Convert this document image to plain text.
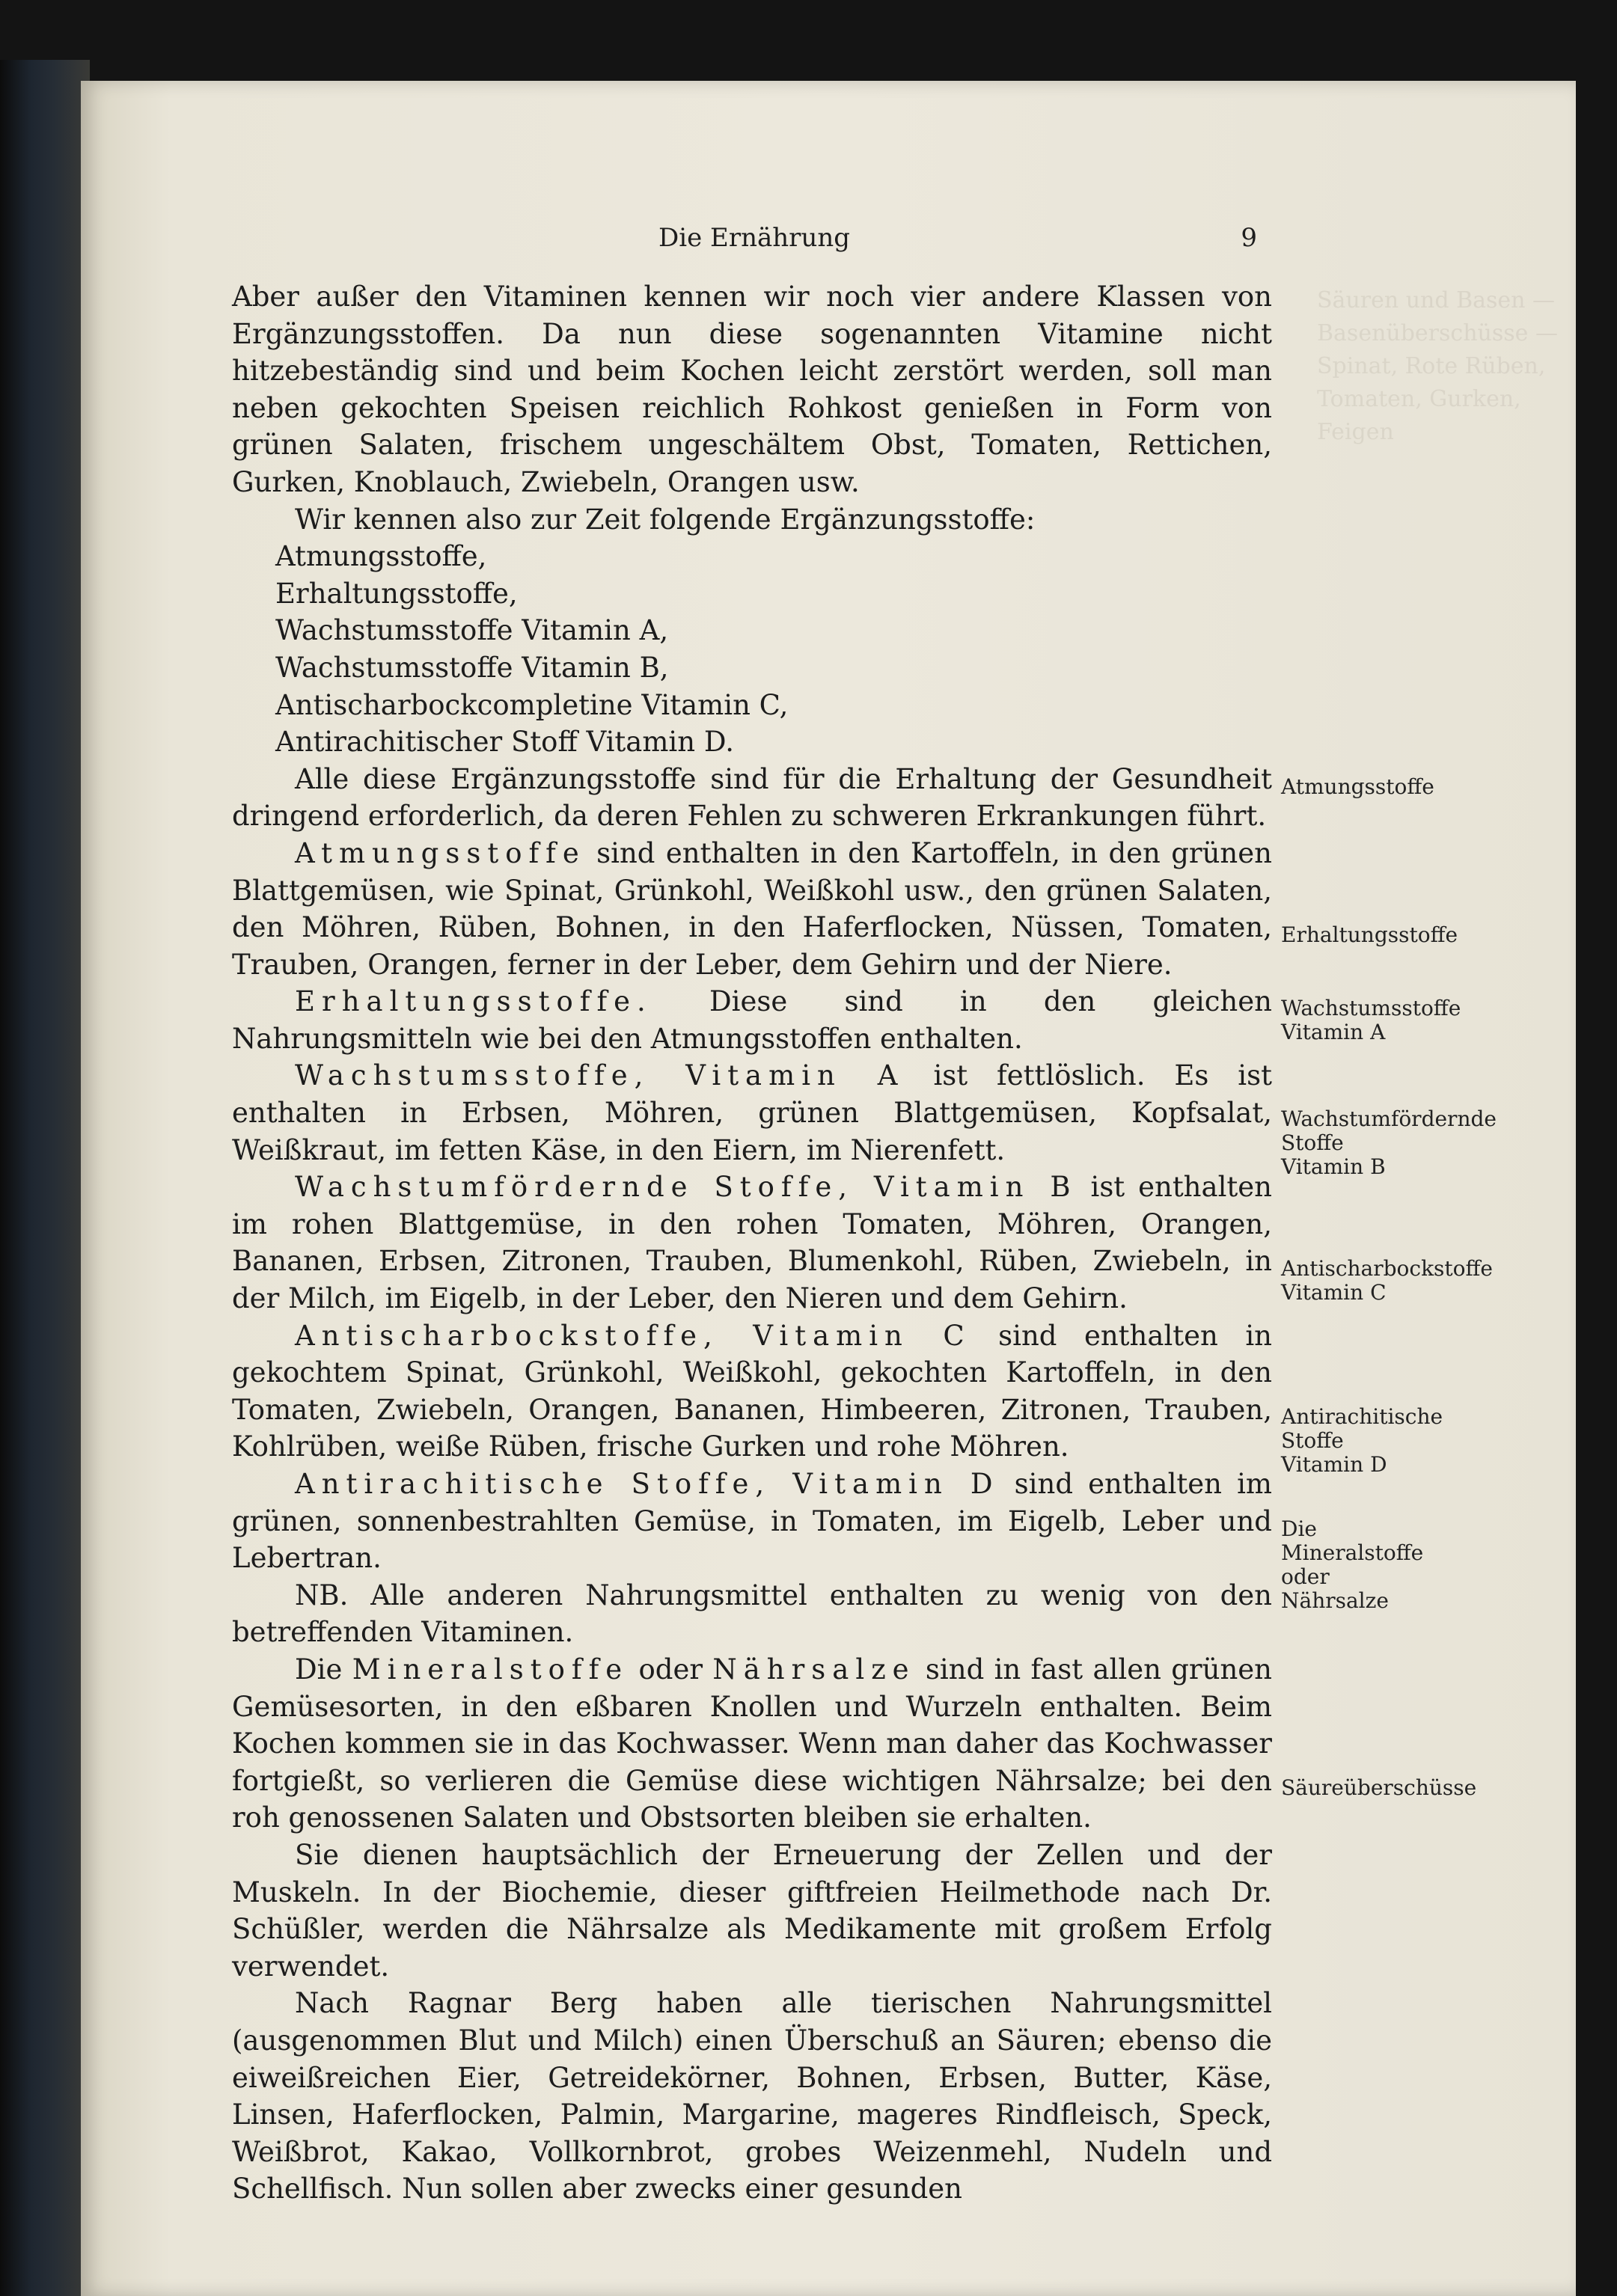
Die Ernährung	9

Aber außer den Vitaminen kennen wir noch vier andere Klassen von Ergänzungsstoffen. Da nun diese sogenannten Vitamine nicht hitzebeständig sind und beim Kochen leicht zerstört werden, soll man neben gekochten Speisen reichlich Rohkost genießen in Form von grünen Salaten, frischem ungeschältem Obst, Tomaten, Rettichen, Gurken, Knoblauch, Zwiebeln, Orangen usw.

Wir kennen also zur Zeit folgende Ergänzungsstoffe:

Atmungsstoffe,

Erhaltungsstoffe,

Wachstumsstoffe Vitamin A,

Wachstumsstoffe Vitamin B,

Antischarbockcompletine Vitamin C,

Antirachitischer Stoff Vitamin D.

Alle diese Ergänzungsstoffe sind für die Erhaltung der Gesundheit dringend erforderlich, da deren Fehlen zu schweren Erkrankungen führt.

Atmungsstoffe sind enthalten in den Kartoffeln, in den grünen Blattgemüsen, wie Spinat, Grünkohl, Weißkohl usw., den grünen Salaten, den Möhren, Rüben, Bohnen, in den Haferflocken, Nüssen, Tomaten, Trauben, Orangen, ferner in der Leber, dem Gehirn und der Niere.

Erhaltungsstoffe. Diese sind in den gleichen Nahrungsmitteln wie bei den Atmungsstoffen enthalten.

Wachstumsstoffe, Vitamin A ist fettlöslich. Es ist enthalten in Erbsen, Möhren, grünen Blattgemüsen, Kopfsalat, Weißkraut, im fetten Käse, in den Eiern, im Nierenfett.

Wachstumfördernde Stoffe, Vitamin B ist enthalten im rohen Blattgemüse, in den rohen Tomaten, Möhren, Orangen, Bananen, Erbsen, Zitronen, Trauben, Blumenkohl, Rüben, Zwiebeln, in der Milch, im Eigelb, in der Leber, den Nieren und dem Gehirn.

Antischarbockstoffe, Vitamin C sind enthalten in gekochtem Spinat, Grünkohl, Weißkohl, gekochten Kartoffeln, in den Tomaten, Zwiebeln, Orangen, Bananen, Himbeeren, Zitronen, Trauben, Kohlrüben, weiße Rüben, frische Gurken und rohe Möhren.

Antirachitische Stoffe, Vitamin D sind enthalten im grünen, sonnenbestrahlten Gemüse, in Tomaten, im Eigelb, Leber und Lebertran.

NB. Alle anderen Nahrungsmittel enthalten zu wenig von den betreffenden Vitaminen.

Die Mineralstoffe oder Nährsalze sind in fast allen grünen Gemüsesorten, in den eßbaren Knollen und Wurzeln enthalten. Beim Kochen kommen sie in das Kochwasser. Wenn man daher das Kochwasser fortgießt, so verlieren die Gemüse diese wichtigen Nährsalze; bei den roh genossenen Salaten und Obstsorten bleiben sie erhalten.

Sie dienen hauptsächlich der Erneuerung der Zellen und der Muskeln. In der Biochemie, dieser giftfreien Heilmethode nach Dr. Schüßler, werden die Nährsalze als Medikamente mit großem Erfolg verwendet.

Nach Ragnar Berg haben alle tierischen Nahrungsmittel (ausgenommen Blut und Milch) einen Überschuß an Säuren; ebenso die eiweißreichen Eier, Getreidekörner, Bohnen, Erbsen, Butter, Käse, Linsen, Haferflocken, Palmin, Margarine, mageres Rindfleisch, Speck, Weißbrot, Kakao, Vollkornbrot, grobes Weizenmehl, Nudeln und Schellfisch. Nun sollen aber zwecks einer gesunden

Atmungsstoffe
Erhaltungsstoffe
Wachstumsstoffe Vitamin A
Wachstumfördernde Stoffe Vitamin B
Antischarbockstoffe Vitamin C
Antirachitische Stoffe Vitamin D
Die Mineralstoffe oder Nährsalze
Säureüberschüsse
